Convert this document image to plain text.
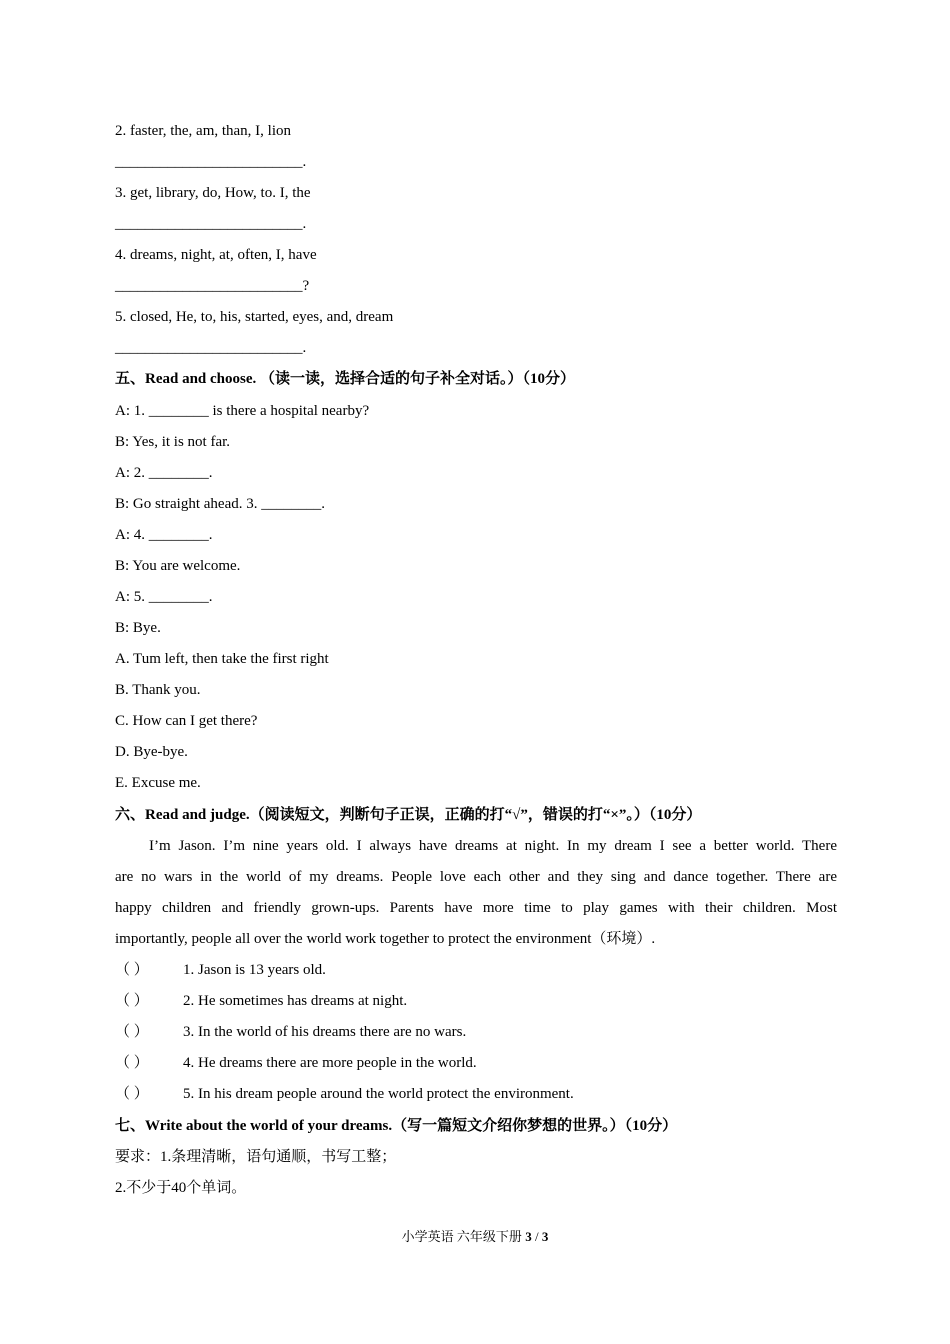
2. faster, the, am, than, I, lion
_________________________.
3. get, library, do, How, to. I, the
_________________________.
4. dreams, night, at, often, I, have
_________________________?
5. closed, He, to, his, started, eyes, and, dream
_________________________.
五、Read and choose. （读一读，选择合适的句子补全对话。）（10分）
A: 1. ________ is there a hospital nearby?
B: Yes, it is not far.
A: 2. ________.
B: Go straight ahead. 3. ________.
A: 4. ________.
B: You are welcome.
A: 5. ________.
B: Bye.
A. Tum left, then take the first right
B. Thank you.
C. How can I get there?
D. Bye-bye.
E. Excuse me.
六、Read and judge.（阅读短文，判断句子正误，正确的打“√”，错误的打“×”。）（10分）
I’m Jason. I’m nine years old. I always have dreams at night. In my dream I see a better world. There
are no wars in the world of my dreams. People love each other and they sing and dance together. There are
happy children and friendly grown-ups. Parents have more time to play games with their children. Most
importantly, people all over the world work together to protect the environment（环境）.
（ ） 1. Jason is 13 years old.
（ ） 2. He sometimes has dreams at night.
（ ） 3. In the world of his dreams there are no wars.
（ ） 4. He dreams there are more people in the world.
（ ） 5. In his dream people around the world protect the environment.
七、Write about the world of your dreams.（写一篇短文介绍你梦想的世界。）（10分）
要求：1.条理清晰，语句通顺，书写工整；
2.不少于40个单词。
小学英语 六年级下册 3 / 3
